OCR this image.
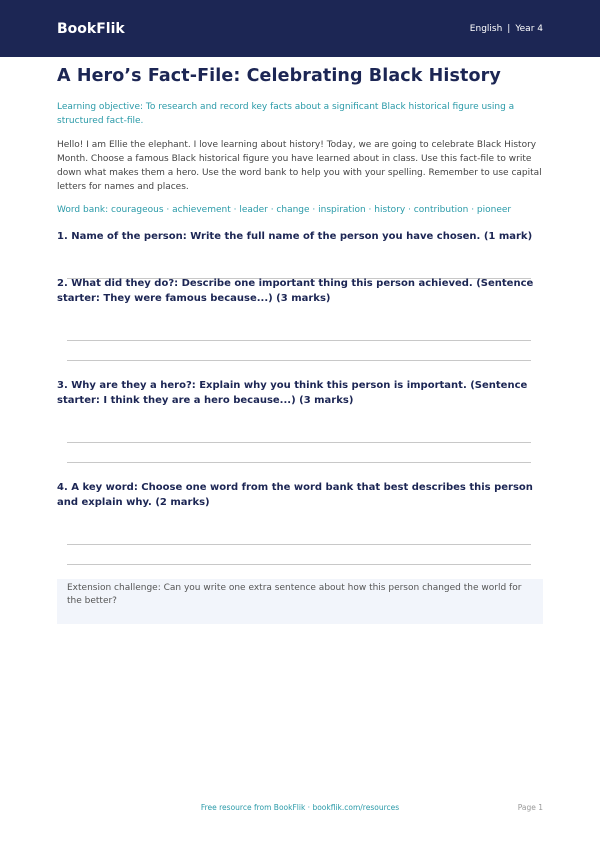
BookFlik	English | Year 4
A Hero’s Fact-File: Celebrating Black History
Learning objective: To research and record key facts about a significant Black historical figure using a structured fact-file.
Hello! I am Ellie the elephant. I love learning about history! Today, we are going to celebrate Black History Month. Choose a famous Black historical figure you have learned about in class. Use this fact-file to write down what makes them a hero. Use the word bank to help you with your spelling. Remember to use capital letters for names and places.
Word bank: courageous · achievement · leader · change · inspiration · history · contribution · pioneer
1. Name of the person: Write the full name of the person you have chosen. (1 mark)
2. What did they do?: Describe one important thing this person achieved. (Sentence starter: They were famous because...) (3 marks)
3. Why are they a hero?: Explain why you think this person is important. (Sentence starter: I think they are a hero because...) (3 marks)
4. A key word: Choose one word from the word bank that best describes this person and explain why. (2 marks)
Extension challenge: Can you write one extra sentence about how this person changed the world for the better?
Free resource from BookFlik · bookflik.com/resources	Page 1
